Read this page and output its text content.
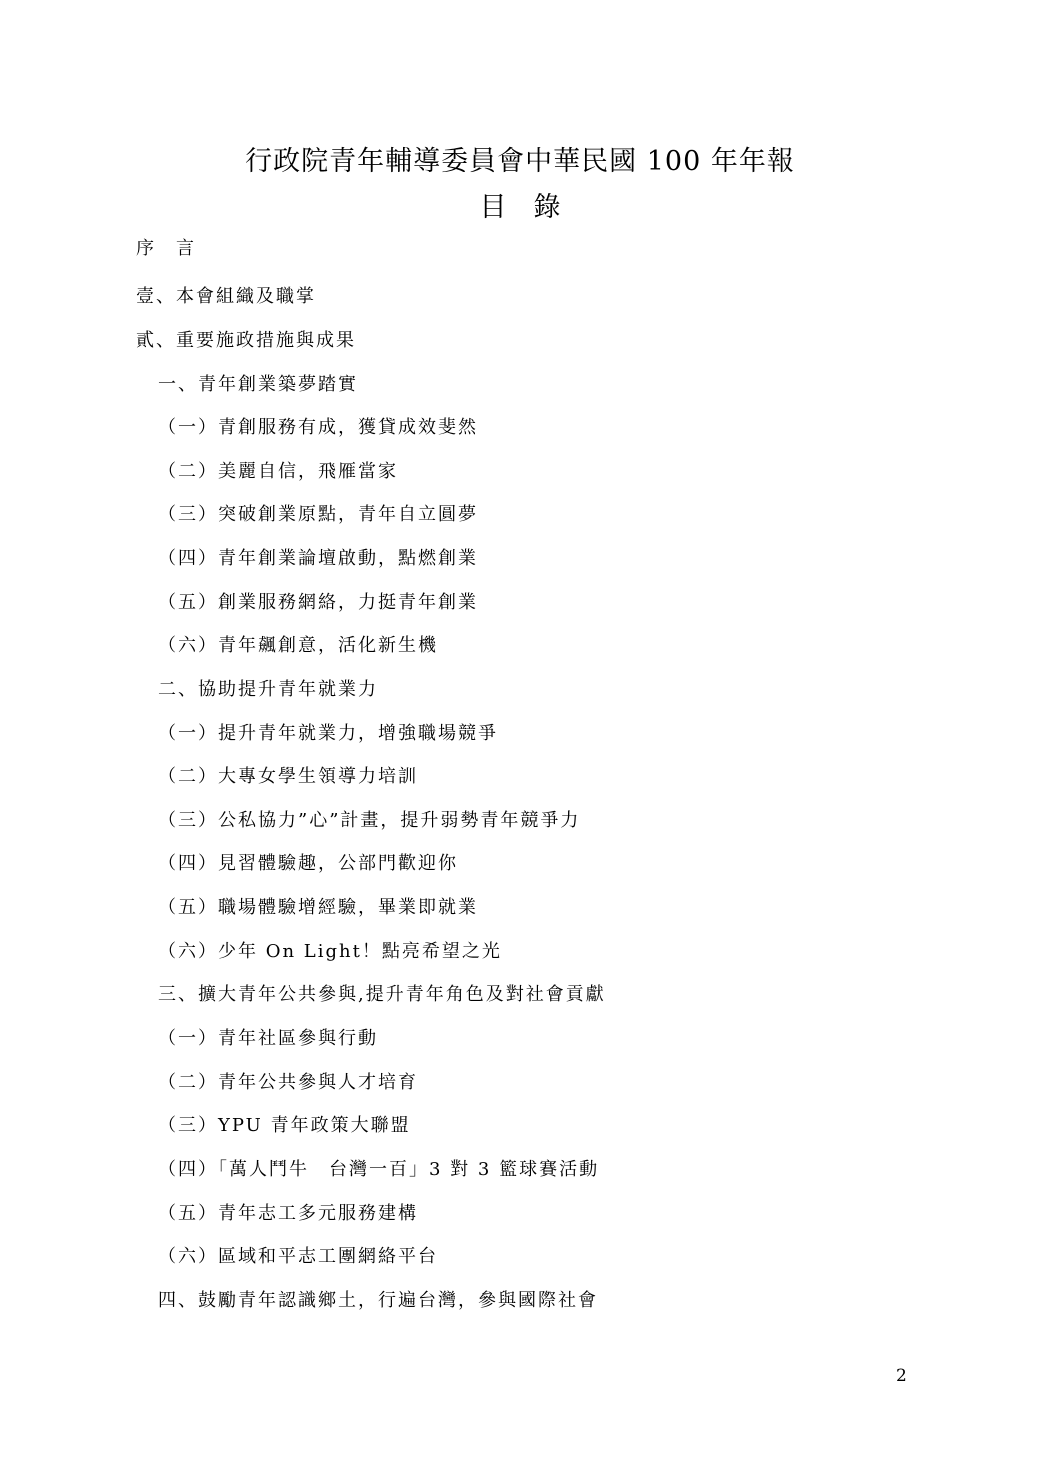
行政院青年輔導委員會中華民國 100 年年報
目　錄
序　言
壹、本會組織及職掌
貳、重要施政措施與成果
一、青年創業築夢踏實
（一）青創服務有成，獲貸成效斐然
（二）美麗自信，飛雁當家
（三）突破創業原點，青年自立圓夢
（四）青年創業論壇啟動，點燃創業
（五）創業服務網絡，力挺青年創業
（六）青年飆創意，活化新生機
二、協助提升青年就業力
（一）提升青年就業力，增強職場競爭
（二）大專女學生領導力培訓
（三）公私協力”心”計畫，提升弱勢青年競爭力
（四）見習體驗趣，公部門歡迎你
（五）職場體驗增經驗，畢業即就業
（六）少年 On Light！點亮希望之光
三、擴大青年公共參與,提升青年角色及對社會貢獻
（一）青年社區參與行動
（二）青年公共參與人才培育
（三）YPU 青年政策大聯盟
（四）「萬人鬥牛　台灣一百」3 對 3 籃球賽活動
（五）青年志工多元服務建構
（六）區域和平志工團網絡平台
四、鼓勵青年認識鄉土，行遍台灣，參與國際社會
2
